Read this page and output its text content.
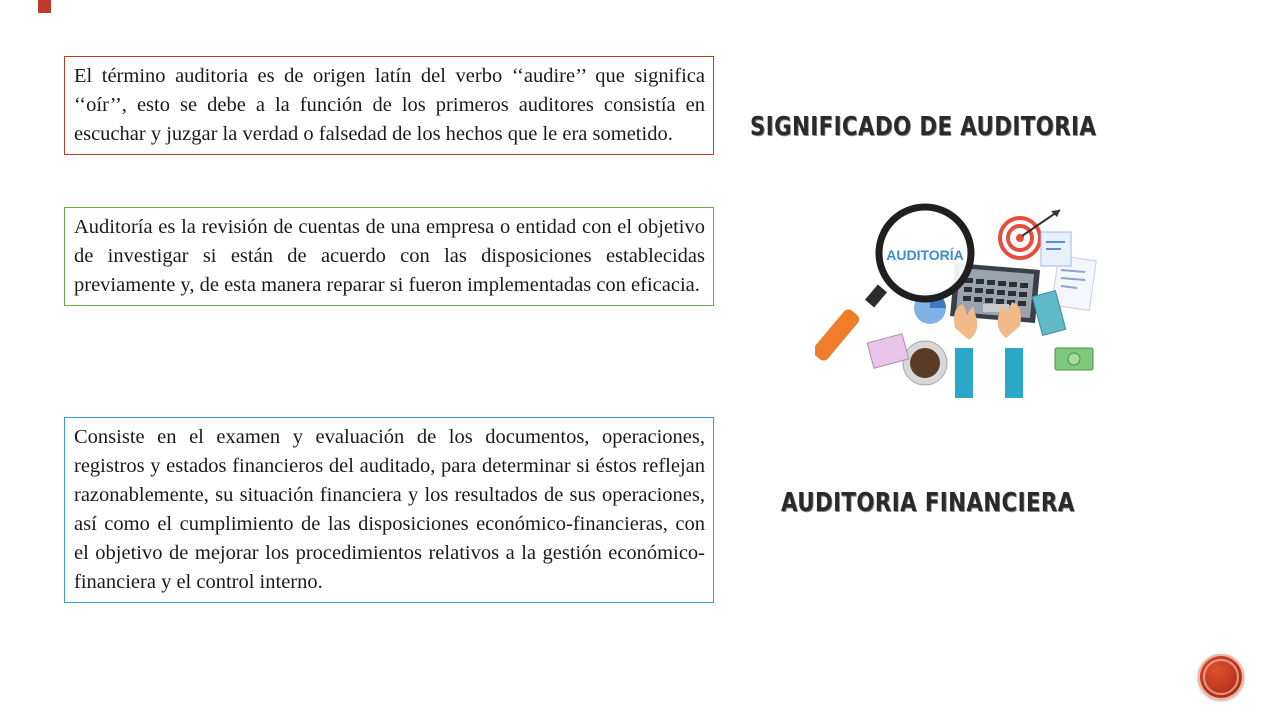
El término auditoria es de origen latín del verbo ‘‘audire’’ que significa ‘‘oír’’, esto se debe a la función de los primeros auditores consistía en escuchar y juzgar la verdad o falsedad de los hechos que le era sometido.
Auditoría es la revisión de cuentas de una empresa o entidad con el objetivo de investigar si están de acuerdo con las disposiciones establecidas previamente y, de esta manera reparar si fueron implementadas con eficacia.
Consiste en el examen y evaluación de los documentos, operaciones, registros y estados financieros del auditado, para determinar si éstos reflejan razonablemente, su situación financiera y los resultados de sus operaciones, así como el cumplimiento de las disposiciones económico-financieras, con el objetivo de mejorar los procedimientos relativos a la gestión económico-financiera y el control interno.
SIGNIFICADO DE AUDITORIA
AUDITORIA FINANCIERA
AUDITORÍA
